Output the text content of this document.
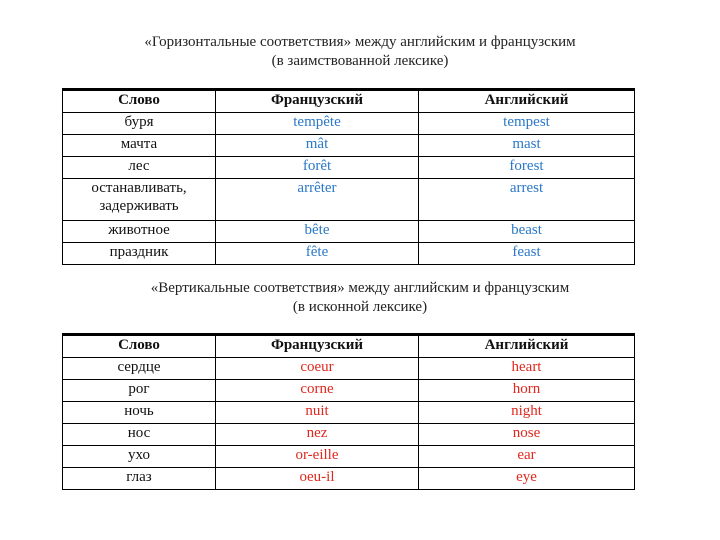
«Горизонтальные соответствия» между английским и французским
(в заимствованной лексике)
Слово	Французский	Английский
буря	tempête	tempest
мачта	mât	mast
лес	forêt	forest
останавливать, задерживать	arrêter	arrest
животное	bête	beast
праздник	fête	feast
«Вертикальные соответствия» между английским и французским
(в исконной лексике)
Слово	Французский	Английский
сердце	coeur	heart
рог	corne	horn
ночь	nuit	night
нос	nez	nose
ухо	or-eille	ear
глаз	oeu-il	eye
